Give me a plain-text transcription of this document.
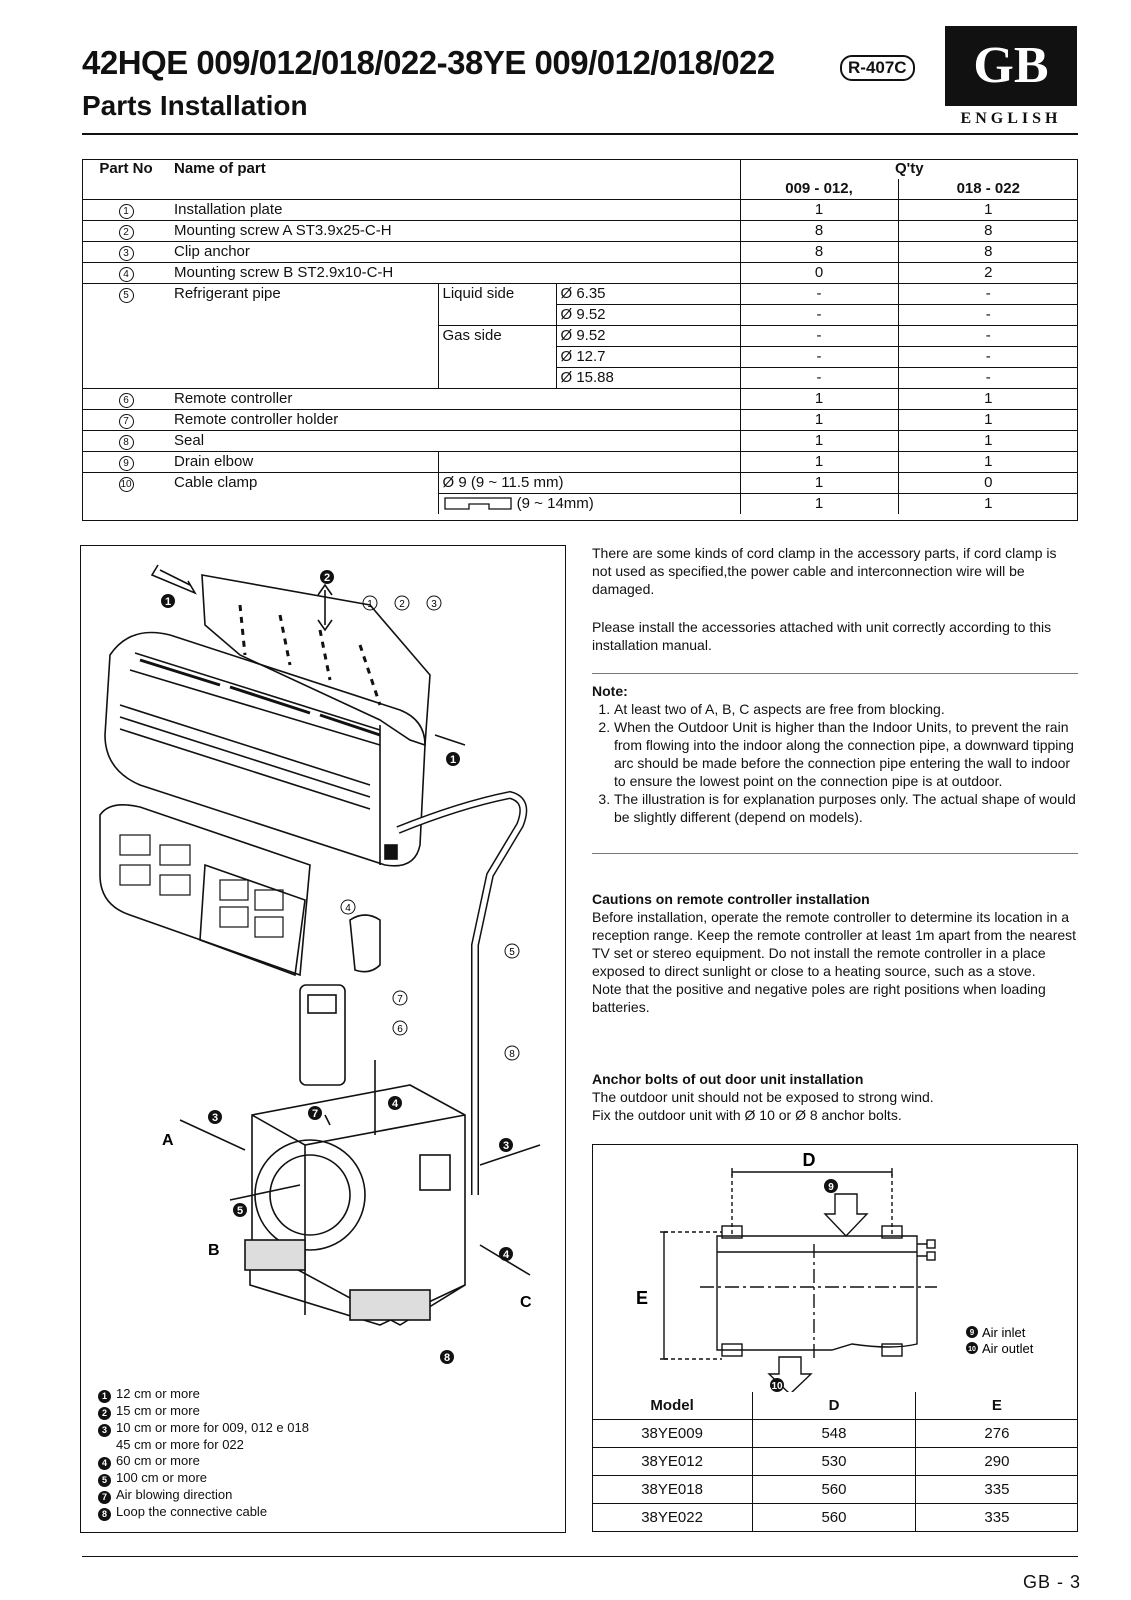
42HQE 009/012/018/022-38YE 009/012/018/022	R-407C
Parts Installation
GB
ENGLISH
Part No	Name of part			Q'ty	
				009 - 012,	018 - 022
1	Installation plate			1	1
2	Mounting screw A ST3.9x25-C-H			8	8
3	Clip anchor			8	8
4	Mounting screw B ST2.9x10-C-H			0	2
5	Refrigerant pipe	Liquid side	Ø 6.35	-	-
			Ø 9.52	-	-
		Gas side	Ø 9.52	-	-
			Ø 12.7	-	-
			Ø 15.88	-	-
6	Remote controller			1	1
7	Remote controller holder			1	1
8	Seal			1	1
9	Drain elbow			1	1
10	Cable clamp	Ø 9 (9 ~ 11.5 mm)		1	0
		(9 ~ 14mm)		1	1
1
2
1
3	7
4
3
5
4
8
A
B
C
1	2	3
4
5
7
6
8
1 12 cm or more
2 15 cm or more
3 10 cm or more for 009, 012 e 018
45 cm or more for 022
4 60 cm or more
5 100 cm or more
7 Air blowing direction
8 Loop the connective cable
There are some kinds of cord clamp in the accessory parts, if cord clamp is not used as specified,the power cable and interconnection wire will be damaged.
Please install the accessories attached with unit correctly according to this installation manual.
Note:
1. At least two of A, B, C aspects are free from blocking.
2. When the Outdoor Unit is higher than the Indoor Units, to prevent the rain from flowing into the indoor along the connection pipe, a downward tipping arc should be made before the connection pipe entering the wall to indoor to ensure the lowest point on the connection pipe is at outdoor.
3. The illustration is for explanation purposes only. The actual shape of would be slightly different (depend on models).
Cautions on remote controller installation
Before installation, operate the remote controller to determine its location in a reception range. Keep the remote controller at least 1m apart from the nearest TV set or stereo equipment. Do not install the remote controller in a place exposed to direct sunlight or close to a heating source, such as a stove.
Note that the positive and negative poles are right positions when loading batteries.
Anchor bolts of out door unit installation
The outdoor unit should not be exposed to strong wind.
Fix the outdoor unit with Ø 10 or Ø 8 anchor bolts.
D
E
9
10
9
10
Air inlet
Air outlet
Model	D	E
38YE009	548	276
38YE012	530	290
38YE018	560	335
38YE022	560	335
GB - 3
